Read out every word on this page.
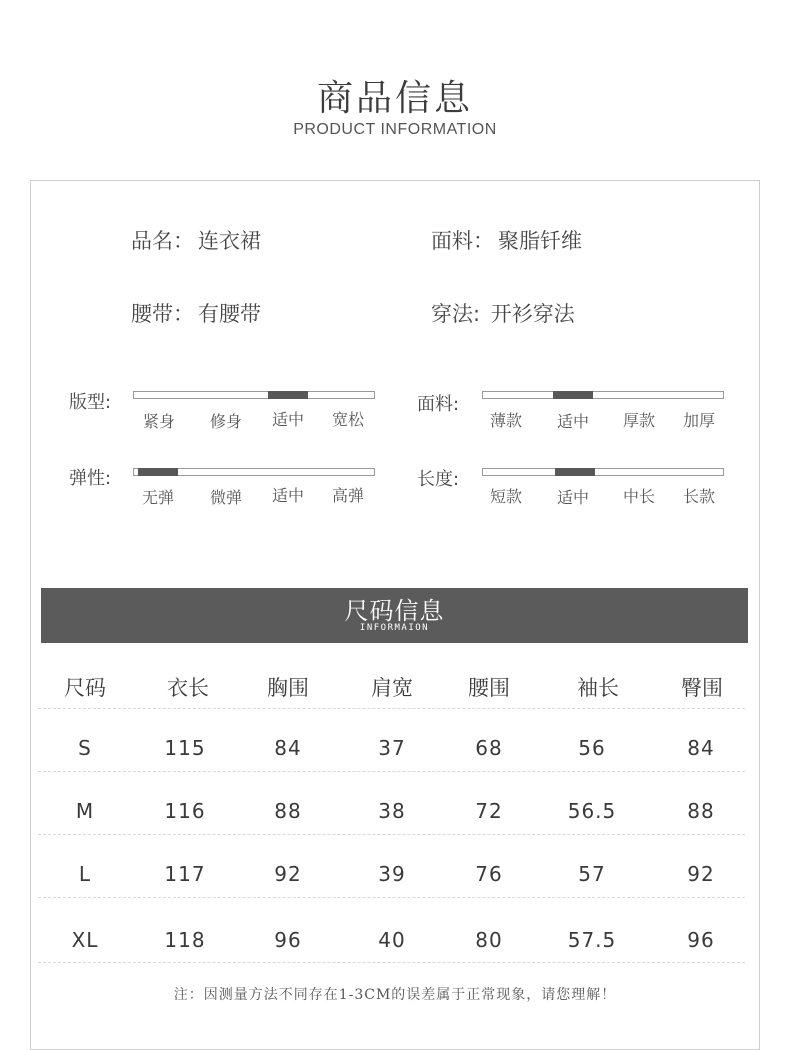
商品信息
PRODUCT INFORMATION
品名： 连衣裙	面料： 聚脂钎维
腰带： 有腰带	穿法: 开衫穿法
版型:
紧身	修身	适中	宽松
面料:
薄款	适中	厚款	加厚
弹性:
无弹	微弹	适中	高弹
长度:
短款	适中	中长	长款
尺码信息
INFORMAION
尺码	衣长	胸围	肩宽	腰围	袖长	臀围
S	115	84	37	68	56	84
M	116	88	38	72	56.5	88
L	117	92	39	76	57	92
XL	118	96	40	80	57.5	96
注：因测量方法不同存在1-3CM的误差属于正常现象，请您理解！
